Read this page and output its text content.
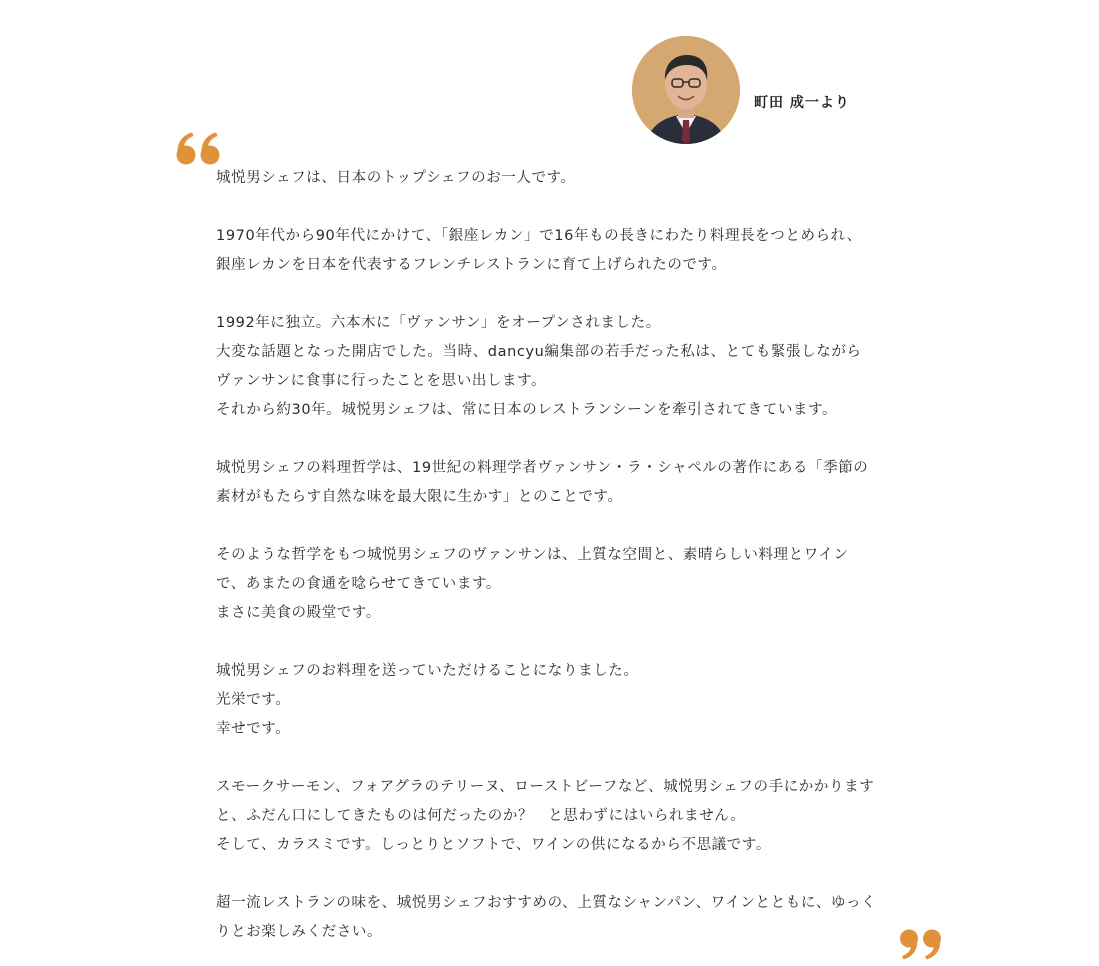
町田 成一より

城悦男シェフは、日本のトップシェフのお一人です。

1970年代から90年代にかけて、「銀座レカン」で16年もの長きにわたり料理長をつとめられ、
銀座レカンを日本を代表するフレンチレストランに育て上げられたのです。

1992年に独立。六本木に「ヴァンサン」をオープンされました。
大変な話題となった開店でした。当時、dancyu編集部の若手だった私は、とても緊張しながら
ヴァンサンに食事に行ったことを思い出します。
それから約30年。城悦男シェフは、常に日本のレストランシーンを牽引されてきています。

城悦男シェフの料理哲学は、19世紀の料理学者ヴァンサン・ラ・シャペルの著作にある「季節の
素材がもたらす自然な味を最大限に生かす」とのことです。

そのような哲学をもつ城悦男シェフのヴァンサンは、上質な空間と、素晴らしい料理とワイン
で、あまたの食通を唸らせてきています。
まさに美食の殿堂です。

城悦男シェフのお料理を送っていただけることになりました。
光栄です。
幸せです。

スモークサーモン、フォアグラのテリーヌ、ローストビーフなど、城悦男シェフの手にかかります
と、ふだん口にしてきたものは何だったのか？　と思わずにはいられません。
そして、カラスミです。しっとりとソフトで、ワインの供になるから不思議です。

超一流レストランの味を、城悦男シェフおすすめの、上質なシャンパン、ワインとともに、ゆっく
りとお楽しみください。
